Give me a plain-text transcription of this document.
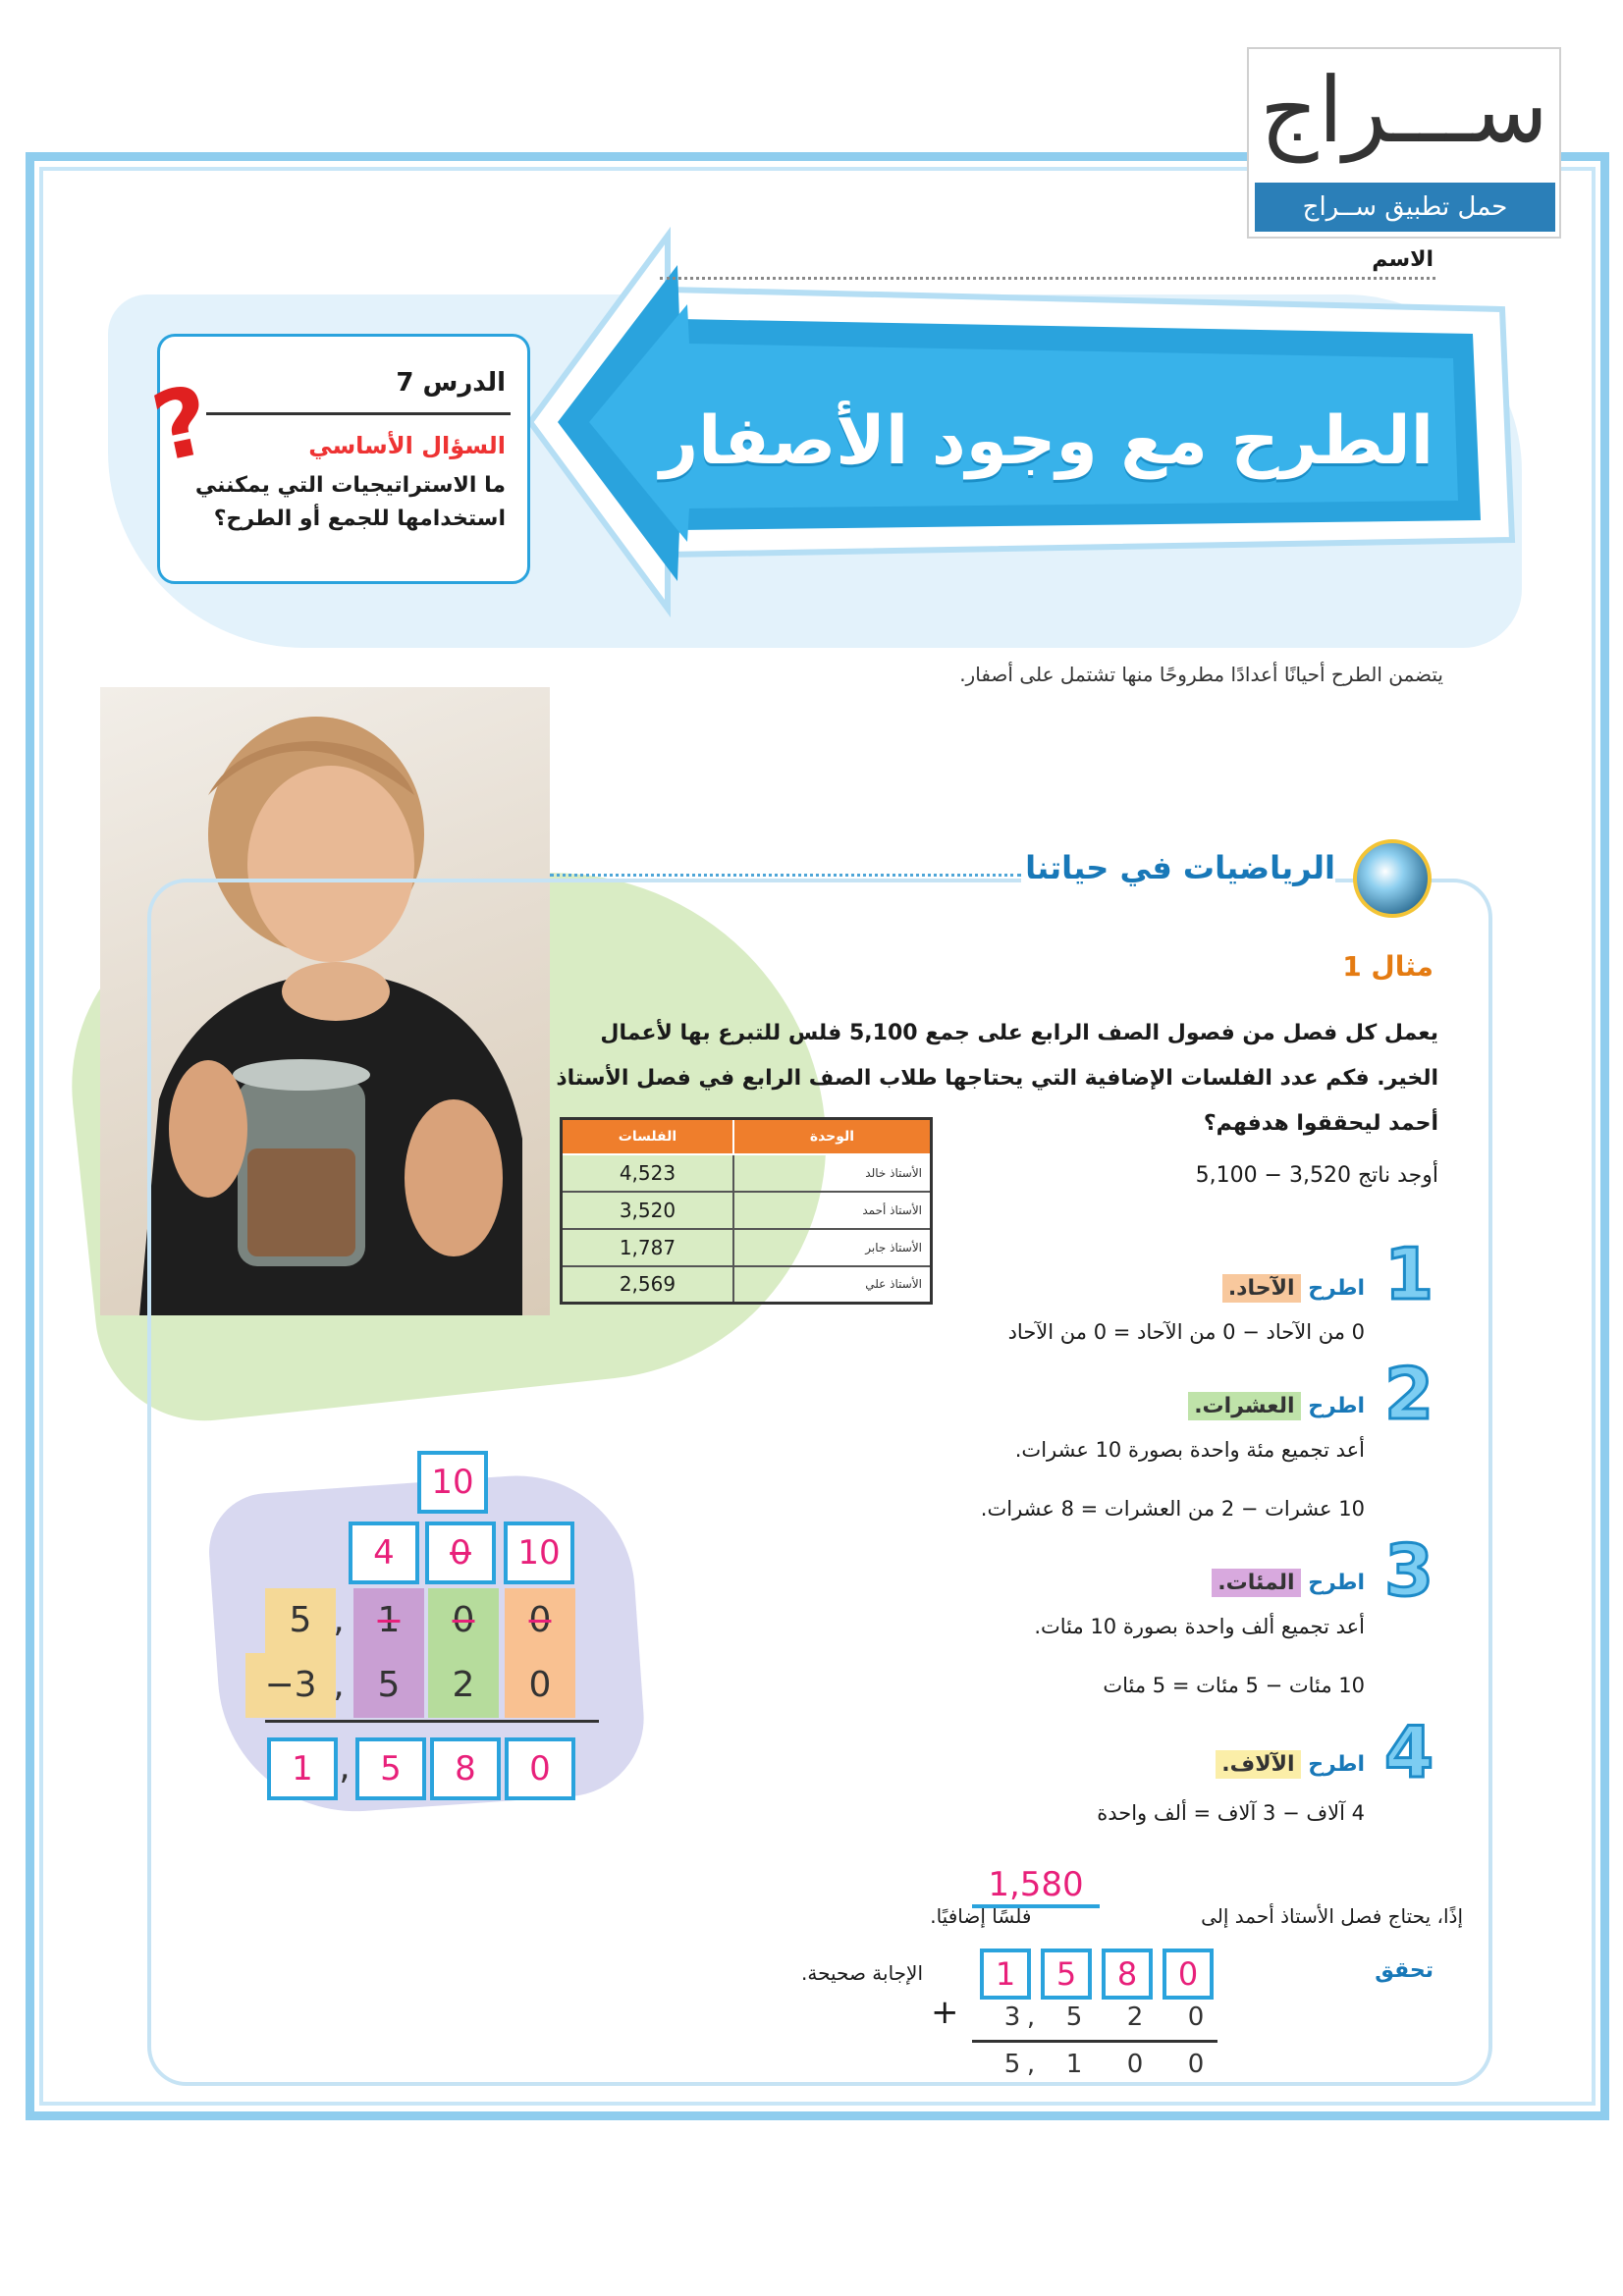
ســـراج
حمل تطبيق ســراج
الاسم
الطرح مع وجود الأصفار
الدرس 7
السؤال الأساسي
ما الاستراتيجيات التي يمكنني استخدامها للجمع أو الطرح؟
?
يتضمن الطرح أحيانًا أعدادًا مطروحًا منها تشتمل على أصفار.
الرياضيات في حياتنا
مثال 1
يعمل كل فصل من فصول الصف الرابع على جمع 5,100 فلس للتبرع بها لأعمال الخير. فكم عدد الفلسات الإضافية التي يحتاجها طلاب الصف الرابع في فصل الأستاذ أحمد ليحققوا هدفهم؟
أوجد ناتج 3,520 − 5,100
الوحدة	الفلسات
الأستاذ خالد	4,523
الأستاذ أحمد	3,520
الأستاذ جابر	1,787
الأستاذ علي	2,569	1
اطرح الآحاد.
0 من الآحاد − 0 من الآحاد = 0 من الآحاد
2
اطرح العشرات.
أعد تجميع مئة واحدة بصورة 10 عشرات.
10 عشرات − 2 من العشرات = 8 عشرات.
3
اطرح المئات.
أعد تجميع ألف واحدة بصورة 10 مئات.
10 مئات − 5 مئات = 5 مئات
4
اطرح الآلاف.
4 آلاف − 3 آلاف = ألف واحدة
10
4	0	10
5 , 1	0	0
−3 , 5	2	0
1 , 5	8	0
إذًا، يحتاج فصل الأستاذ أحمد إلى  فلسًا إضافيًا.
1,580
تحقق
الإجابة صحيحة.	1	5	8	0
+	3 ,	5	2	0
5 ,	1	0	0
